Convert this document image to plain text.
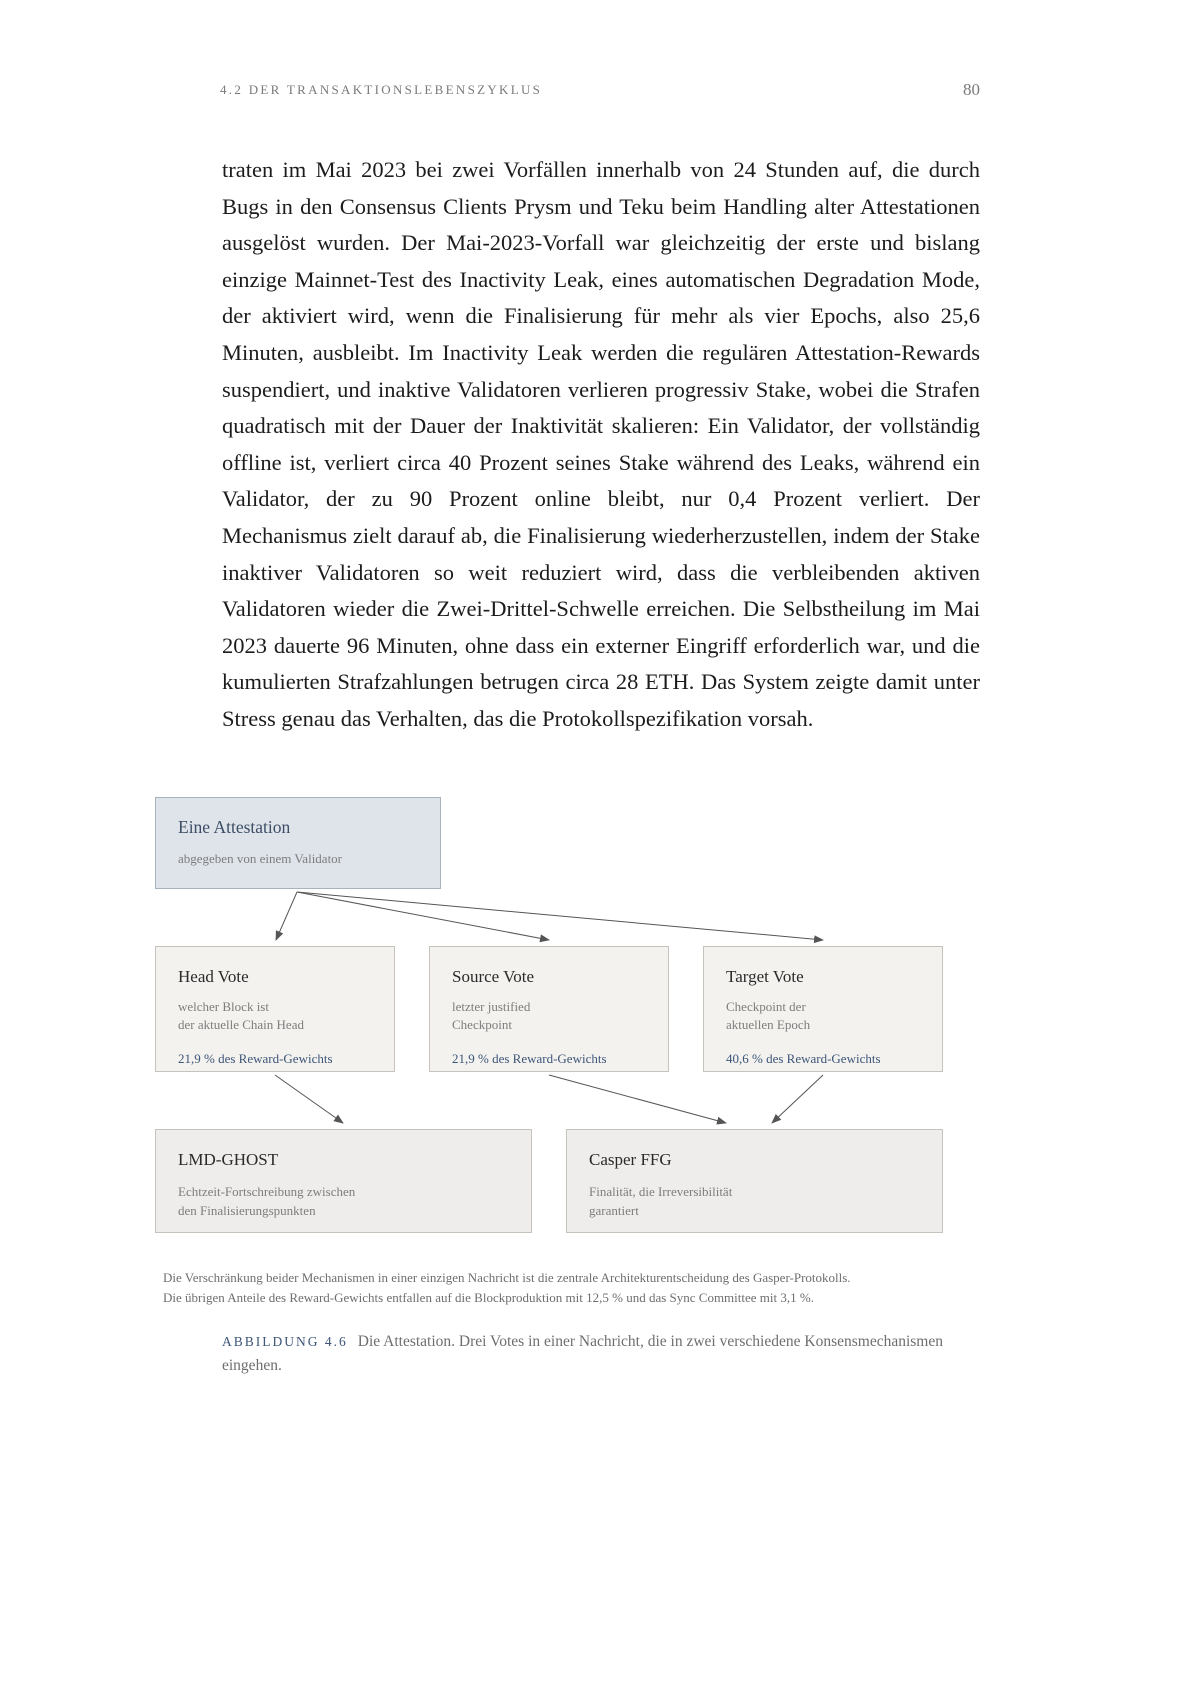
4.2 DER TRANSAKTIONSLEBENSZYKLUS	80

traten im Mai 2023 bei zwei Vorfällen innerhalb von 24 Stunden auf, die durch Bugs in den Consensus Clients Prysm und Teku beim Handling alter Attestationen ausgelöst wurden. Der Mai-2023-Vorfall war gleichzeitig der erste und bislang einzige Mainnet-Test des Inactivity Leak, eines automatischen Degradation Mode, der aktiviert wird, wenn die Finalisierung für mehr als vier Epochs, also 25,6 Minuten, ausbleibt. Im Inactivity Leak werden die regulären Attestation-Rewards suspendiert, und inaktive Validatoren verlieren progressiv Stake, wobei die Strafen quadratisch mit der Dauer der Inaktivität skalieren: Ein Validator, der vollständig offline ist, verliert circa 40 Prozent seines Stake während des Leaks, während ein Validator, der zu 90 Prozent online bleibt, nur 0,4 Prozent verliert. Der Mechanismus zielt darauf ab, die Finalisierung wiederherzustellen, indem der Stake inaktiver Validatoren so weit reduziert wird, dass die verbleibenden aktiven Validatoren wieder die Zwei-Drittel-Schwelle erreichen. Die Selbstheilung im Mai 2023 dauerte 96 Minuten, ohne dass ein externer Eingriff erforderlich war, und die kumulierten Strafzahlungen betrugen circa 28 ETH. Das System zeigte damit unter Stress genau das Verhalten, das die Protokollspezifikation vorsah.

Eine Attestation
abgegeben von einem Validator
Head Vote
welcher Block ist
der aktuelle Chain Head
21,9 % des Reward-Gewichts
Source Vote
letzter justified
Checkpoint
21,9 % des Reward-Gewichts
Target Vote
Checkpoint der
aktuellen Epoch
40,6 % des Reward-Gewichts
LMD-GHOST
Echtzeit-Fortschreibung zwischen
den Finalisierungspunkten
Casper FFG
Finalität, die Irreversibilität
garantiert
Die Verschränkung beider Mechanismen in einer einzigen Nachricht ist die zentrale Architekturentscheidung des Gasper-Protokolls.
Die übrigen Anteile des Reward-Gewichts entfallen auf die Blockproduktion mit 12,5 % und das Sync Committee mit 3,1 %.
ABBILDUNG 4.6 Die Attestation. Drei Votes in einer Nachricht, die in zwei verschiedene Konsensmechanismen eingehen.
